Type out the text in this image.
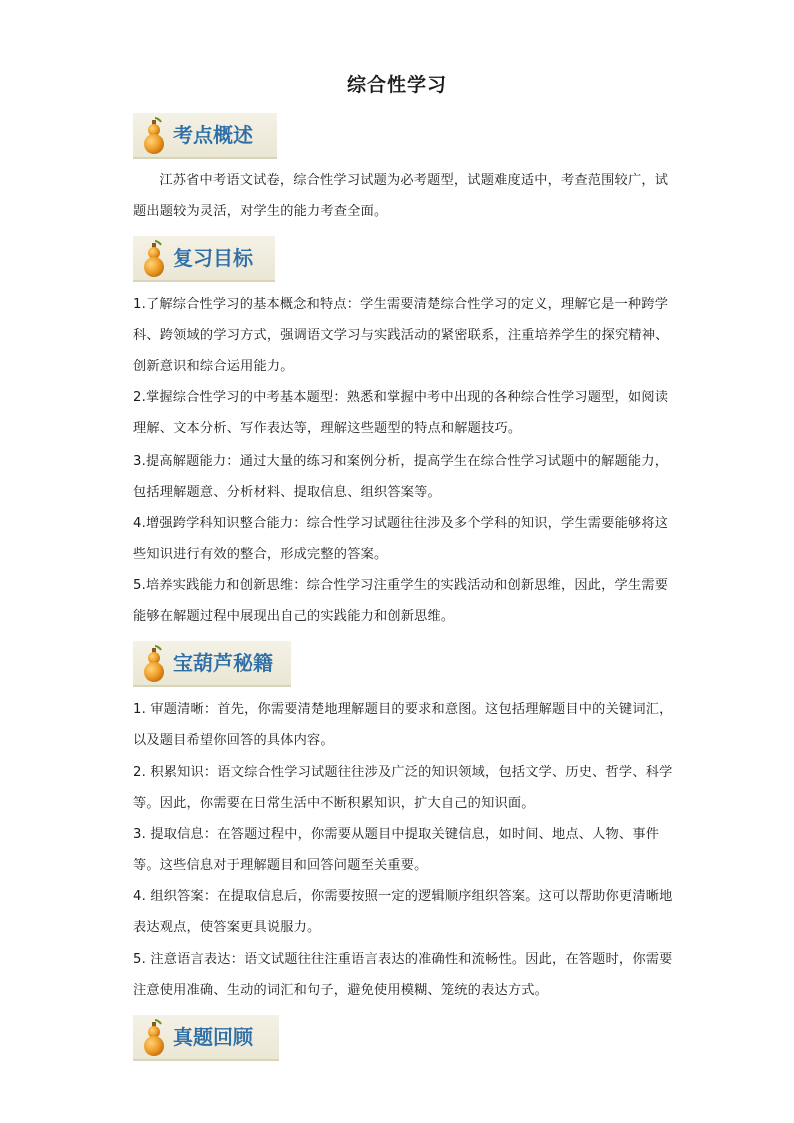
综合性学习
考点概述

江苏省中考语文试卷，综合性学习试题为必考题型，试题难度适中，考查范围较广，试题出题较为灵活，对学生的能力考查全面。

复习目标

1.了解综合性学习的基本概念和特点：学生需要清楚综合性学习的定义，理解它是一种跨学科、跨领域的学习方式，强调语文学习与实践活动的紧密联系，注重培养学生的探究精神、创新意识和综合运用能力。

2.掌握综合性学习的中考基本题型：熟悉和掌握中考中出现的各种综合性学习题型，如阅读理解、文本分析、写作表达等，理解这些题型的特点和解题技巧。

3.提高解题能力：通过大量的练习和案例分析，提高学生在综合性学习试题中的解题能力，包括理解题意、分析材料、提取信息、组织答案等。

4.增强跨学科知识整合能力：综合性学习试题往往涉及多个学科的知识，学生需要能够将这些知识进行有效的整合，形成完整的答案。

5.培养实践能力和创新思维：综合性学习注重学生的实践活动和创新思维，因此，学生需要能够在解题过程中展现出自己的实践能力和创新思维。

宝葫芦秘籍

1. 审题清晰：首先，你需要清楚地理解题目的要求和意图。这包括理解题目中的关键词汇，以及题目希望你回答的具体内容。

2. 积累知识：语文综合性学习试题往往涉及广泛的知识领域，包括文学、历史、哲学、科学等。因此，你需要在日常生活中不断积累知识，扩大自己的知识面。

3. 提取信息：在答题过程中，你需要从题目中提取关键信息，如时间、地点、人物、事件等。这些信息对于理解题目和回答问题至关重要。

4. 组织答案：在提取信息后，你需要按照一定的逻辑顺序组织答案。这可以帮助你更清晰地表达观点，使答案更具说服力。

5. 注意语言表达：语文试题往往注重语言表达的准确性和流畅性。因此，在答题时，你需要注意使用准确、生动的词汇和句子，避免使用模糊、笼统的表达方式。

真题回顾
